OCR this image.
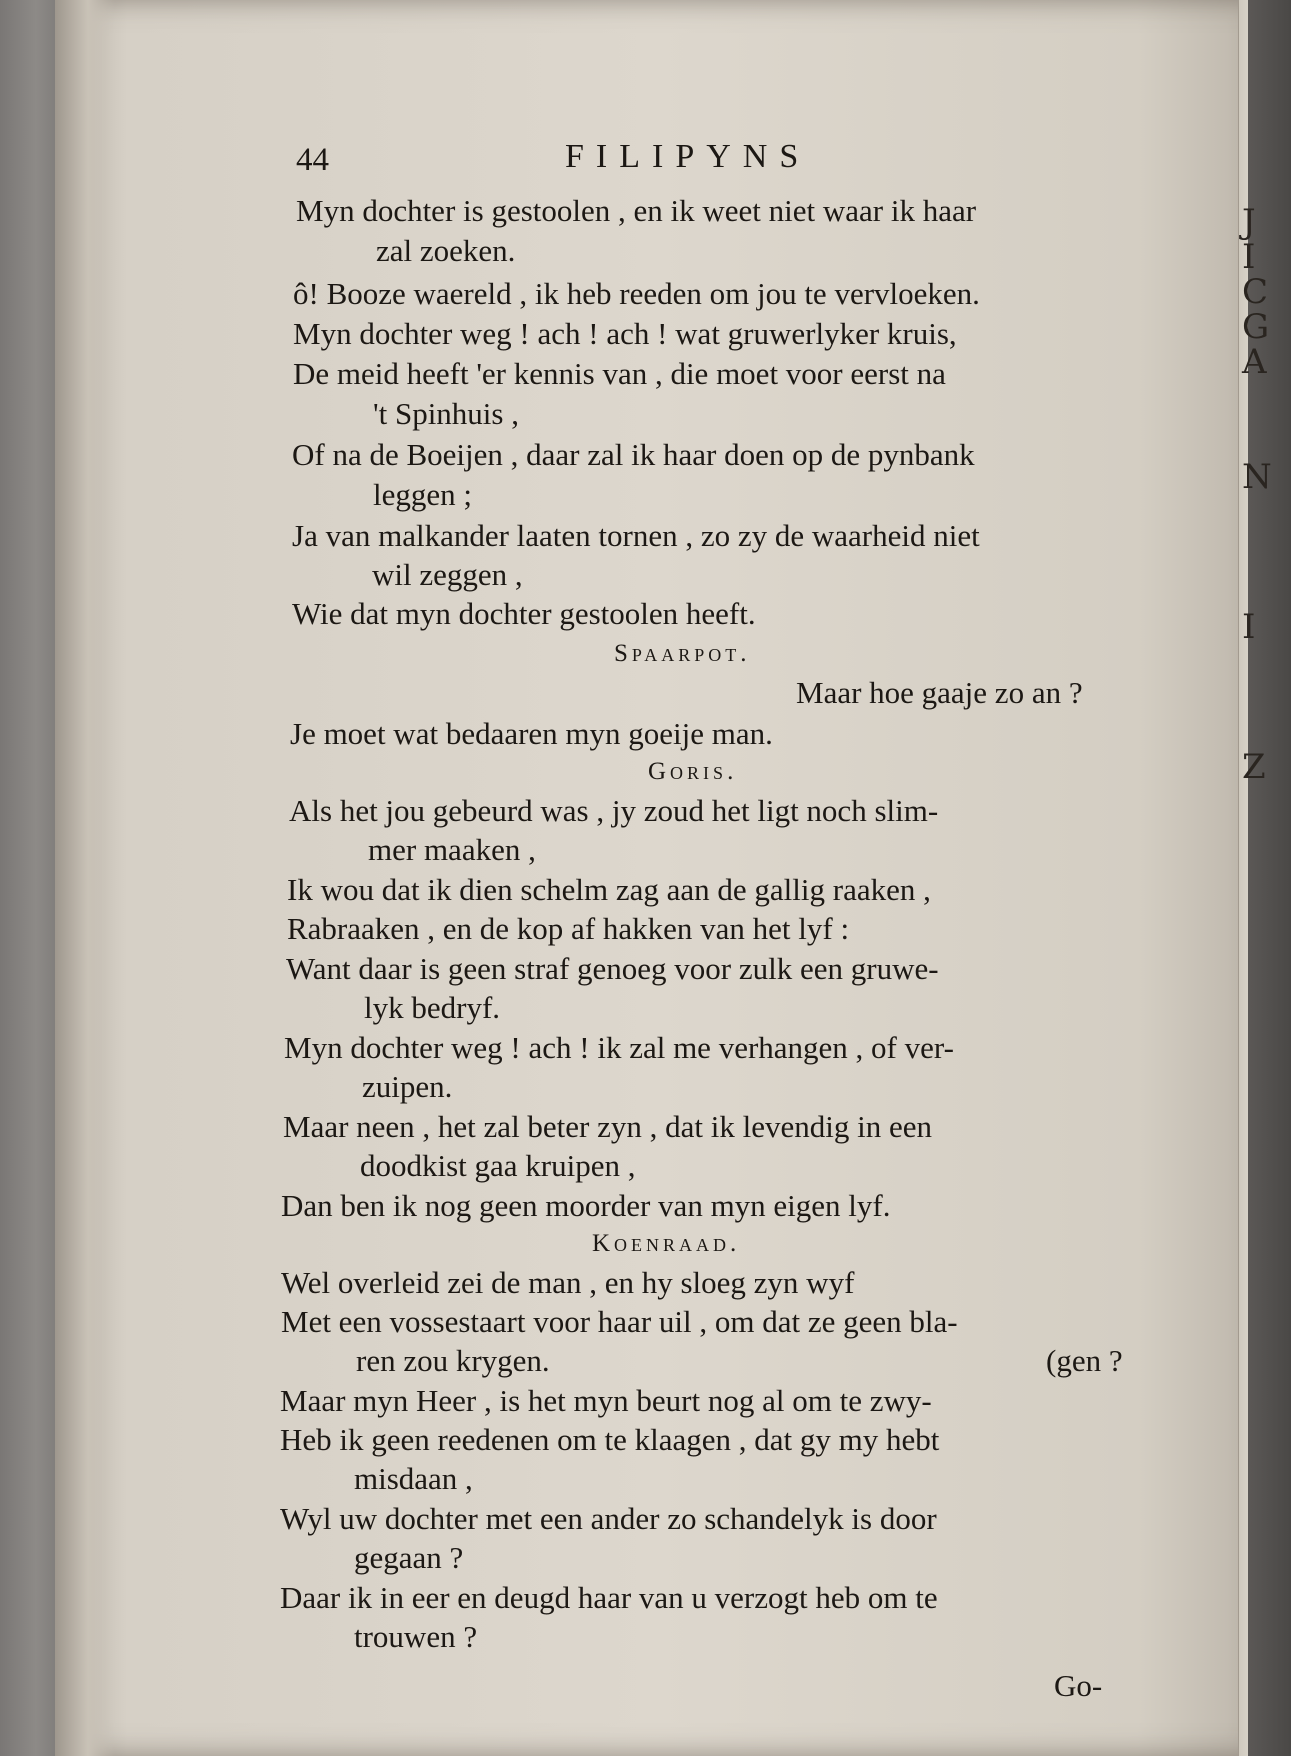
J
I
C
G
A
N
I
Z
44	FILIPYNS
Myn dochter is gestoolen , en ik weet niet waar ik haar
zal zoeken.
ô! Booze waereld , ik heb reeden om jou te vervloeken.
Myn dochter weg ! ach ! ach ! wat gruwerlyker kruis,
De meid heeft 'er kennis van , die moet voor eerst na
't Spinhuis ,
Of na de Boeijen , daar zal ik haar doen op de pynbank
leggen ;
Ja van malkander laaten tornen , zo zy de waarheid niet
wil zeggen ,
Wie dat myn dochter gestoolen heeft.
Spaarpot.
Maar hoe gaaje zo an ?
Je moet wat bedaaren myn goeije man.
Goris.
Als het jou gebeurd was , jy zoud het ligt noch slim-
mer maaken ,
Ik wou dat ik dien schelm zag aan de gallig raaken ,
Rabraaken , en de kop af hakken van het lyf :
Want daar is geen straf genoeg voor zulk een gruwe-
lyk bedryf.
Myn dochter weg ! ach ! ik zal me verhangen , of ver-
zuipen.
Maar neen , het zal beter zyn , dat ik levendig in een
doodkist gaa kruipen ,
Dan ben ik nog geen moorder van myn eigen lyf.
Koenraad.
Wel overleid zei de man , en hy sloeg zyn wyf
Met een vossestaart voor haar uil , om dat ze geen bla-
ren zou krygen.	(gen ?
Maar myn Heer , is het myn beurt nog al om te zwy-
Heb ik geen reedenen om te klaagen , dat gy my hebt
misdaan ,
Wyl uw dochter met een ander zo schandelyk is door
gegaan ?
Daar ik in eer en deugd haar van u verzogt heb om te
trouwen ?
Go-
